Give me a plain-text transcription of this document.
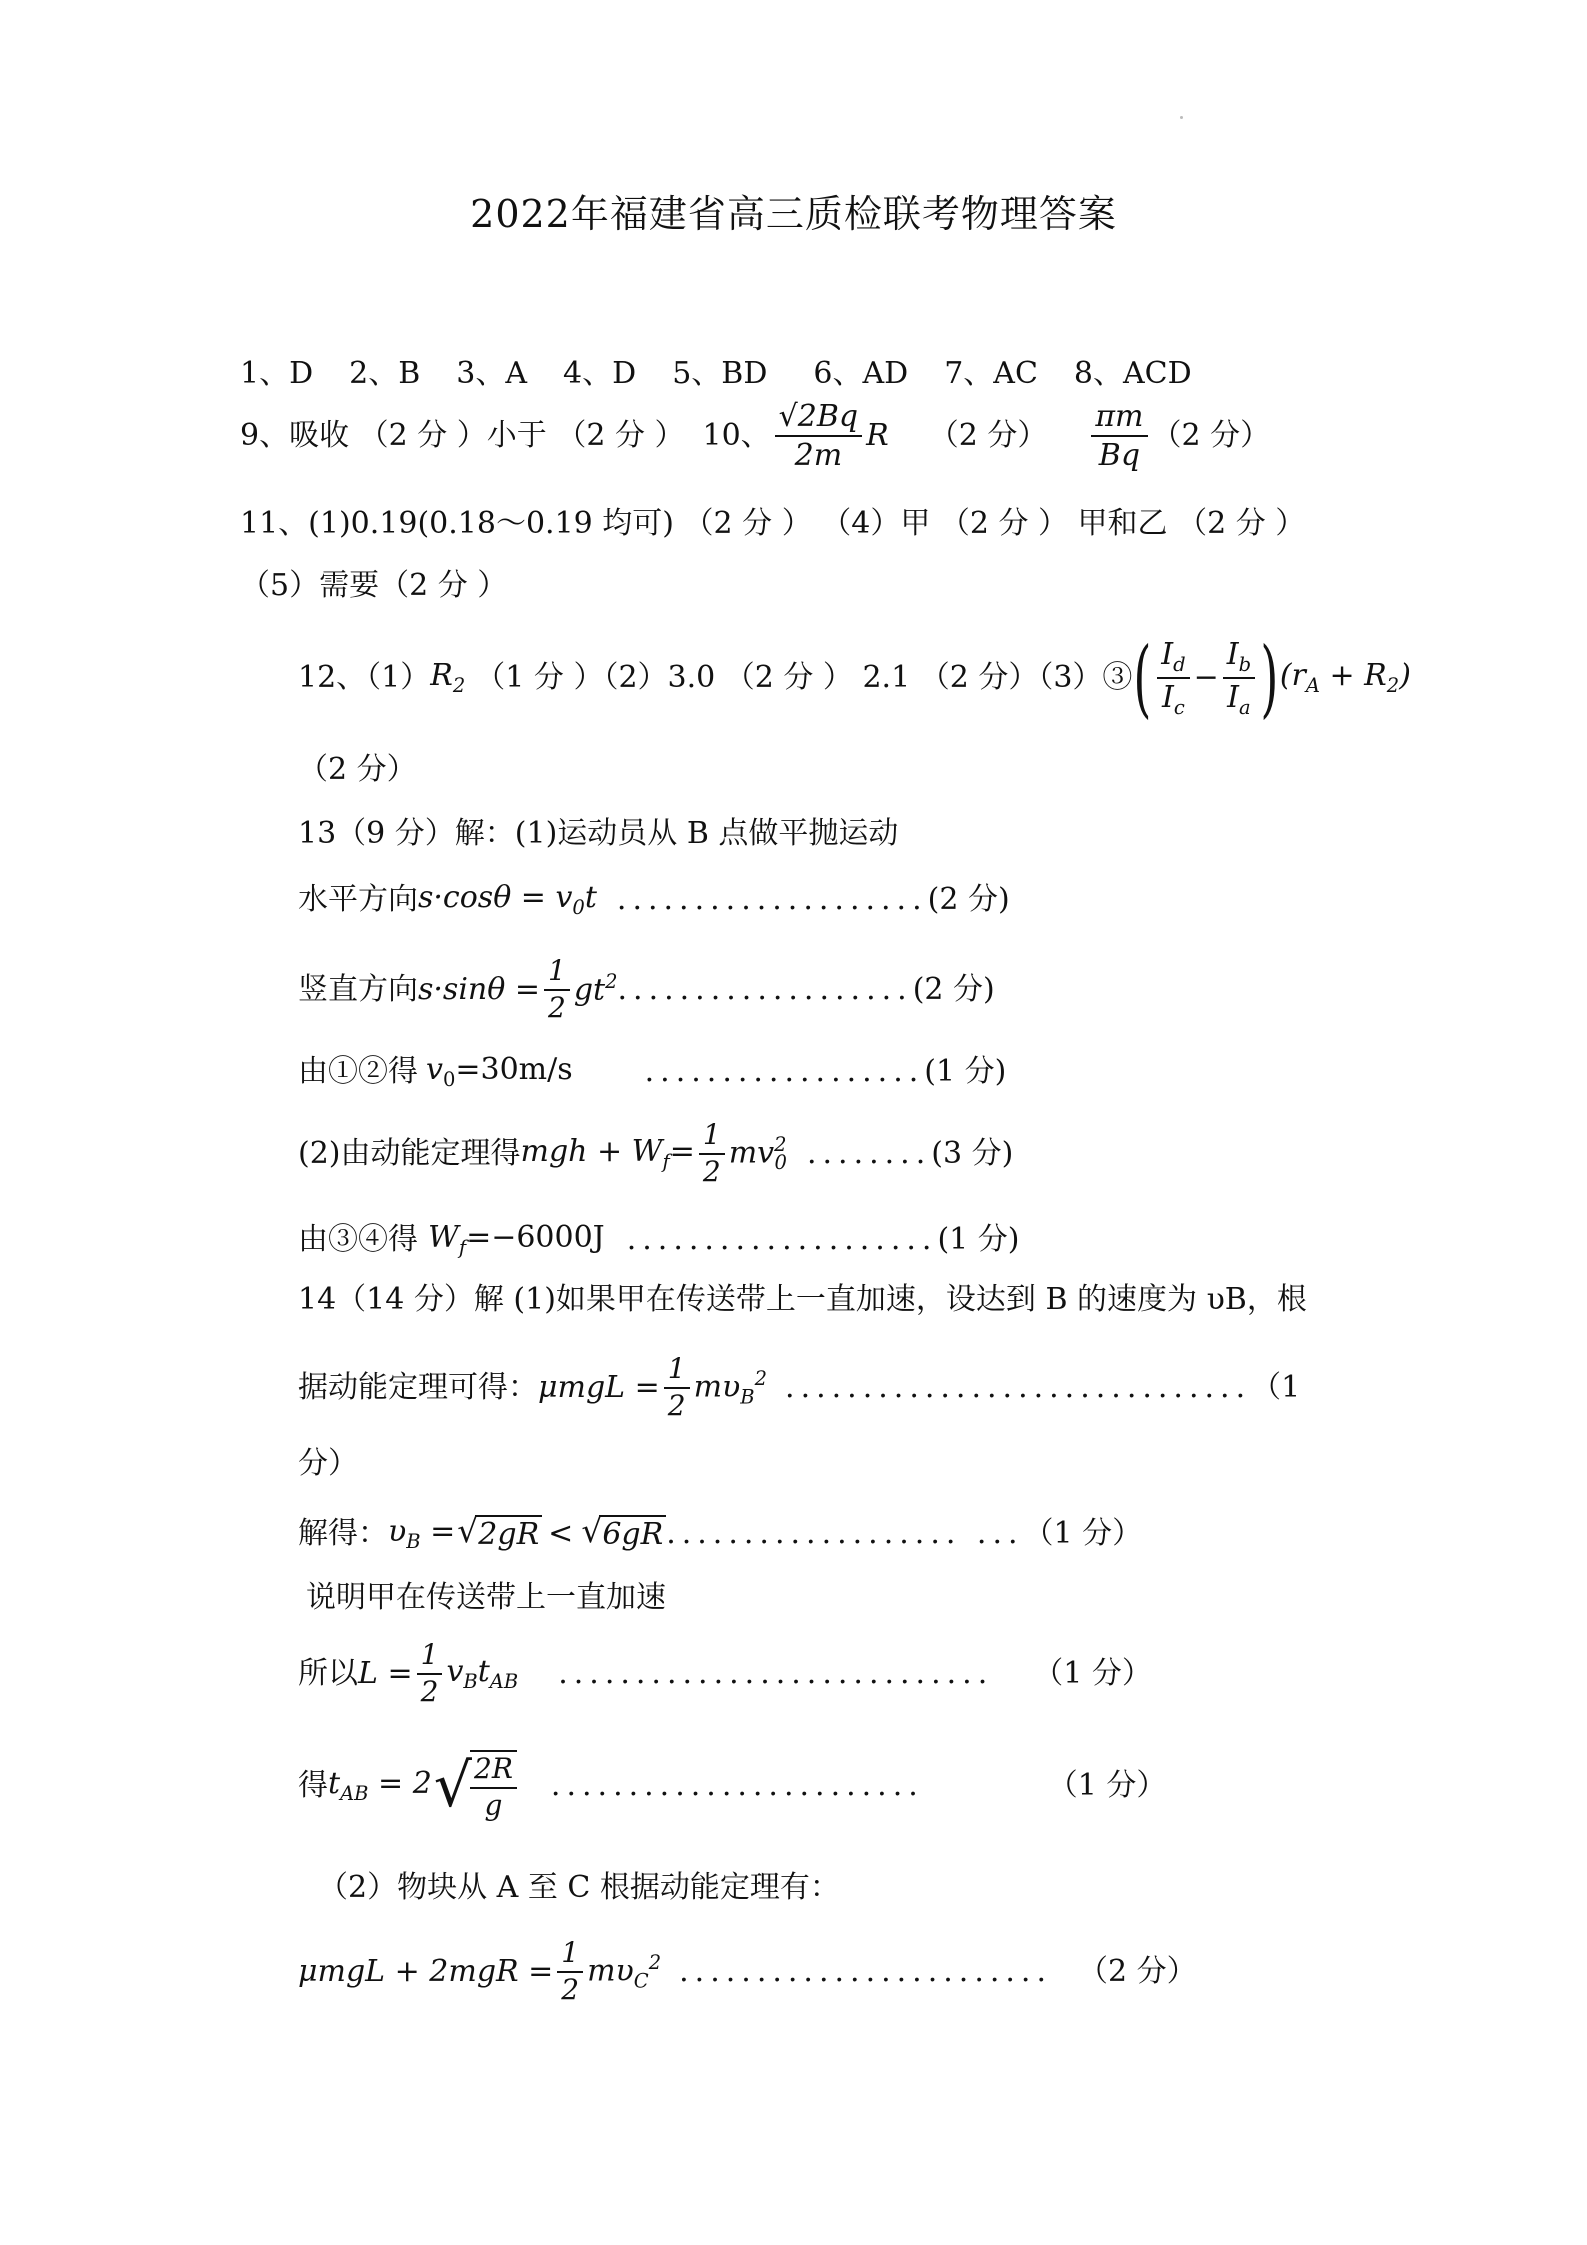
2022年福建省高三质检联考物理答案
1、D 2、B 3、A 4、D 5、BD 6、AD 7、AC 8、ACD
9、吸收 （2 分 ）小于 （2 分 ） 10、 $\frac{√2Bq}{2m}$ R （2 分） $\frac{\pi m}{Bq} (2$ 分）
11、(1)0.19(0.18～0.19 均可) （2 分 ） （4）甲 （2 分 ） 甲和乙 （2 分 ）
（5）需要（2 分 ）
12、（1） $R_2$ （1 分 ）（2）3.0 （2 分 ） 2.1 （2 分）（3）③ ( $\frac{I_d}{I_c} - \frac{I_b}{I_a}$ ) $(r_A + R_2)$
（2 分）
13（9 分）解：(1)运动员从 B 点做平抛运动
水平方向 $s\cdot\cos\theta = v_0t$ .................... (2 分)
竖直方向 $s\cdot\sin\theta = \frac{1}{2} gt^2$ ................... (2 分)
由①②得 $v_0=30m/s$ .................. (1 分)
(2)由动能定理得 mgh + $W_f= \frac{1}{2} mv^2_0$ ........ (3 分)
由③④得 $W_f=-6000J$ .................... (1 分)
14（14 分）解 (1)如果甲在传送带上一直加速，设达到 B 的速度为 υB，根
据动能定理可得： $\mu mgL = \frac{1}{2} m\upsilon_B^2$ .............................. （1
分）
解得： $\upsilon_B$ = √ 2gR < √ 6gR ................... ... （1 分）
说明甲在传送带上一直加速
所以 $L = \frac{1}{2} v_Bt_{AB}$ ............................ （1 分）
得 $t_{AB} = 2$ √
$\frac{2R}{g}$ ........................	（1 分）
（2）物块从 A 至 C 根据动能定理有：
$\mu mgL + 2mgR = \frac{1}{2} m\upsilon_C^2$ ........................ （2 分）
